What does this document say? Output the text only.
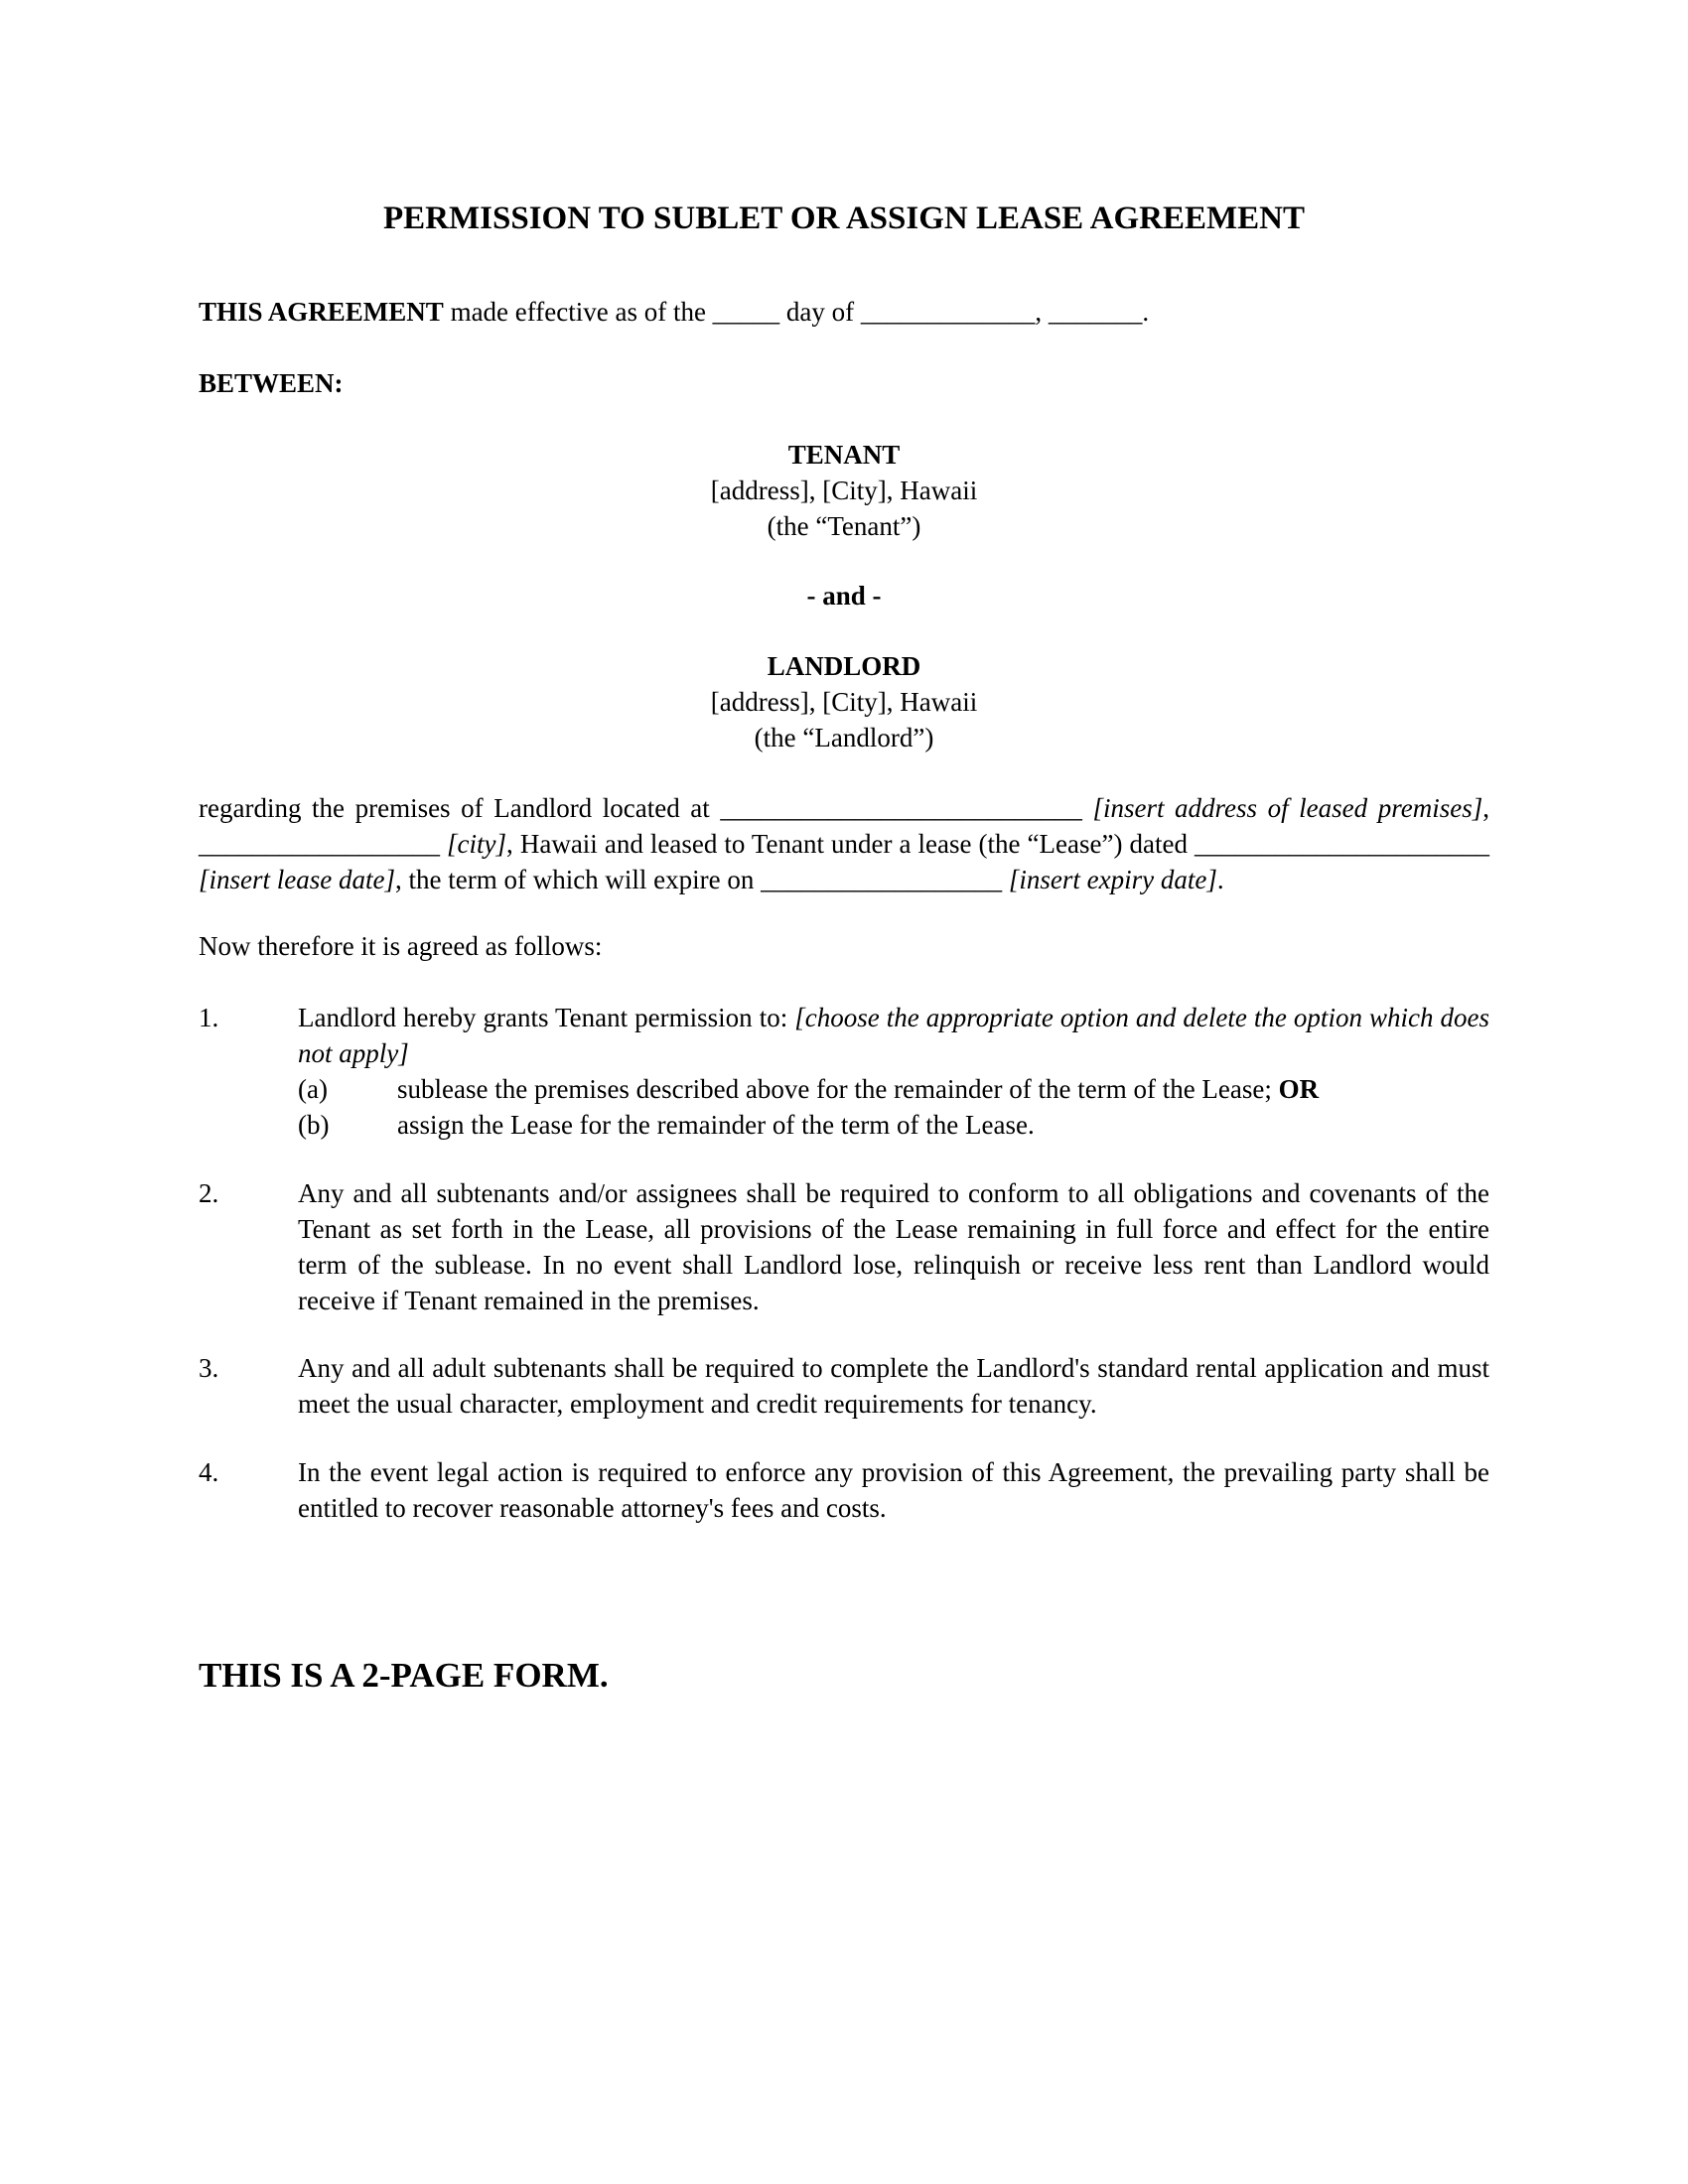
PERMISSION TO SUBLET OR ASSIGN LEASE AGREEMENT
THIS AGREEMENT made effective as of the _____ day of _____________, _______.
BETWEEN:
TENANT
[address], [City], Hawaii
(the “Tenant”)
- and -
LANDLORD
[address], [City], Hawaii
(the “Landlord”)
regarding the premises of Landlord located at ___________________________ [insert address of leased premises], __________________ [city], Hawaii and leased to Tenant under a lease (the “Lease”) dated ______________________ [insert lease date], the term of which will expire on __________________ [insert expiry date].
Now therefore it is agreed as follows:
1.	Landlord hereby grants Tenant permission to: [choose the appropriate option and delete the option which does not apply]
(a)	sublease the premises described above for the remainder of the term of the Lease; OR
(b)	assign the Lease for the remainder of the term of the Lease.
2.	Any and all subtenants and/or assignees shall be required to conform to all obligations and covenants of the Tenant as set forth in the Lease, all provisions of the Lease remaining in full force and effect for the entire term of the sublease. In no event shall Landlord lose, relinquish or receive less rent than Landlord would receive if Tenant remained in the premises.
3.	Any and all adult subtenants shall be required to complete the Landlord's standard rental application and must meet the usual character, employment and credit requirements for tenancy.
4.	In the event legal action is required to enforce any provision of this Agreement, the prevailing party shall be entitled to recover reasonable attorney's fees and costs.
THIS IS A 2-PAGE FORM.
